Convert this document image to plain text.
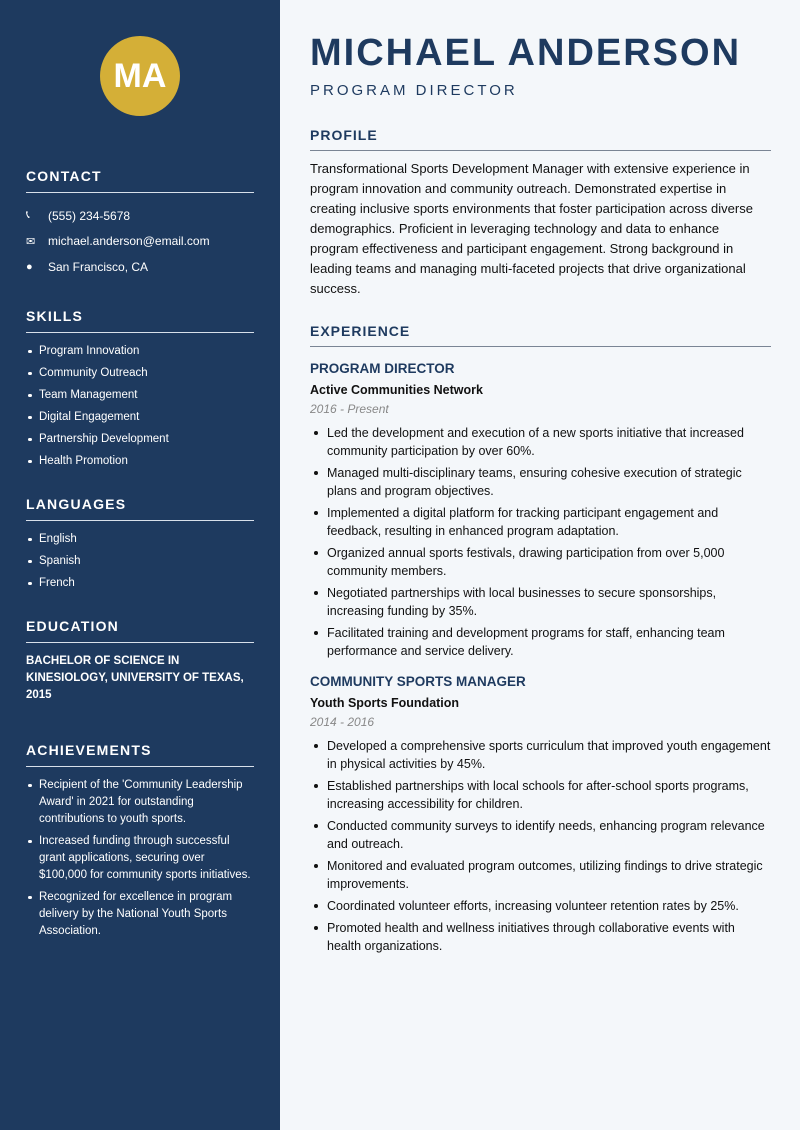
MA
CONTACT
📞︎	(555) 234-5678
✉	michael.anderson@email.com
●	San Francisco, CA
SKILLS
Program Innovation
Community Outreach
Team Management
Digital Engagement
Partnership Development
Health Promotion
LANGUAGES
English
Spanish
French
EDUCATION
BACHELOR OF SCIENCE IN KINESIOLOGY, UNIVERSITY OF TEXAS, 2015
ACHIEVEMENTS
Recipient of the 'Community Leadership Award' in 2021 for outstanding contributions to youth sports.
Increased funding through successful grant applications, securing over $100,000 for community sports initiatives.
Recognized for excellence in program delivery by the National Youth Sports Association.
MICHAEL ANDERSON
PROGRAM DIRECTOR
PROFILE
Transformational Sports Development Manager with extensive experience in program innovation and community outreach. Demonstrated expertise in creating inclusive sports environments that foster participation across diverse demographics. Proficient in leveraging technology and data to enhance program effectiveness and participant engagement. Strong background in leading teams and managing multi-faceted projects that drive organizational success.
EXPERIENCE
PROGRAM DIRECTOR
Active Communities Network
2016 - Present
Led the development and execution of a new sports initiative that increased community participation by over 60%.
Managed multi-disciplinary teams, ensuring cohesive execution of strategic plans and program objectives.
Implemented a digital platform for tracking participant engagement and feedback, resulting in enhanced program adaptation.
Organized annual sports festivals, drawing participation from over 5,000 community members.
Negotiated partnerships with local businesses to secure sponsorships, increasing funding by 35%.
Facilitated training and development programs for staff, enhancing team performance and service delivery.
COMMUNITY SPORTS MANAGER
Youth Sports Foundation
2014 - 2016
Developed a comprehensive sports curriculum that improved youth engagement in physical activities by 45%.
Established partnerships with local schools for after-school sports programs, increasing accessibility for children.
Conducted community surveys to identify needs, enhancing program relevance and outreach.
Monitored and evaluated program outcomes, utilizing findings to drive strategic improvements.
Coordinated volunteer efforts, increasing volunteer retention rates by 25%.
Promoted health and wellness initiatives through collaborative events with health organizations.
